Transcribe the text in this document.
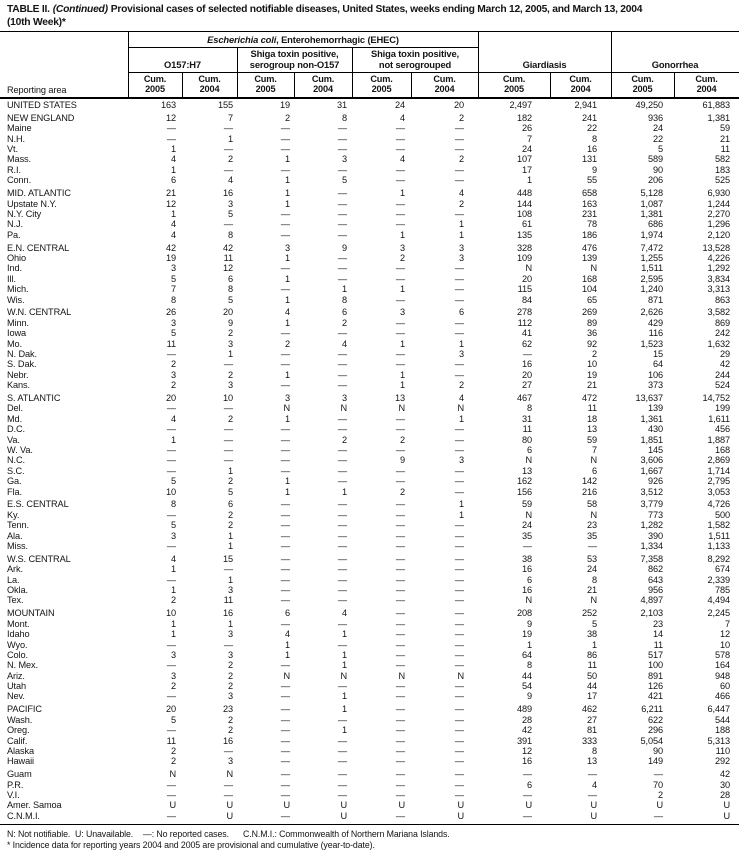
TABLE II. (Continued) Provisional cases of selected notifiable diseases, United States, weeks ending March 12, 2005, and March 13, 2004
(10th Week)*
Escherichia coli, Enterohemorrhagic (EHEC)
O157:H7
Shiga toxin positive,
serogroup non-O157
Shiga toxin positive,
not serogrouped	Giardiasis	Gonorrhea
Cum.
2005
Cum.
2004
Cum.
2005
Cum.
2004
Cum.
2005
Cum.
2004
Cum.
2005
Cum.
2004
Cum.
2005
Cum.
2004
Reporting area
UNITED STATES	163	155	19	31	24	20	2,497	2,941	49,250	61,883
NEW ENGLAND	12	7	2	8	4	2	182	241	936	1,381
Maine	—	—	—	—	—	—	26	22	24	59
N.H.	—	1	—	—	—	—	7	8	22	21
Vt.	1	—	—	—	—	—	24	16	5	11
Mass.	4	2	1	3	4	2	107	131	589	582
R.I.	1	—	—	—	—	—	17	9	90	183
Conn.	6	4	1	5	—	—	1	55	206	525
MID. ATLANTIC	21	16	1	—	1	4	448	658	5,128	6,930
Upstate N.Y.	12	3	1	—	—	2	144	163	1,087	1,244
N.Y. City	1	5	—	—	—	—	108	231	1,381	2,270
N.J.	4	—	—	—	—	1	61	78	686	1,296
Pa.	4	8	—	—	1	1	135	186	1,974	2,120
E.N. CENTRAL	42	42	3	9	3	3	328	476	7,472	13,528
Ohio	19	11	1	—	2	3	109	139	1,255	4,226
Ind.	3	12	—	—	—	—	N	N	1,511	1,292
Ill.	5	6	1	—	—	—	20	168	2,595	3,834
Mich.	7	8	—	1	1	—	115	104	1,240	3,313
Wis.	8	5	1	8	—	—	84	65	871	863
W.N. CENTRAL	26	20	4	6	3	6	278	269	2,626	3,582
Minn.	3	9	1	2	—	—	112	89	429	869
Iowa	5	2	—	—	—	—	41	36	116	242
Mo.	11	3	2	4	1	1	62	92	1,523	1,632
N. Dak.	—	1	—	—	—	3	—	2	15	29
S. Dak.	2	—	—	—	—	—	16	10	64	42
Nebr.	3	2	1	—	1	—	20	19	106	244
Kans.	2	3	—	—	1	2	27	21	373	524
S. ATLANTIC	20	10	3	3	13	4	467	472	13,637	14,752
Del.	—	—	N	N	N	N	8	11	139	199
Md.	4	2	1	—	—	1	31	18	1,361	1,611
D.C.	—	—	—	—	—	—	11	13	430	456
Va.	1	—	—	2	2	—	80	59	1,851	1,887
W. Va.	—	—	—	—	—	—	6	7	145	168
N.C.	—	—	—	—	9	3	N	N	3,606	2,869
S.C.	—	1	—	—	—	—	13	6	1,667	1,714
Ga.	5	2	1	—	—	—	162	142	926	2,795
Fla.	10	5	1	1	2	—	156	216	3,512	3,053
E.S. CENTRAL	8	6	—	—	—	1	59	58	3,779	4,726
Ky.	—	2	—	—	—	1	N	N	773	500
Tenn.	5	2	—	—	—	—	24	23	1,282	1,582
Ala.	3	1	—	—	—	—	35	35	390	1,511
Miss.	—	1	—	—	—	—	—	—	1,334	1,133
W.S. CENTRAL	4	15	—	—	—	—	38	53	7,358	8,292
Ark.	1	—	—	—	—	—	16	24	862	674
La.	—	1	—	—	—	—	6	8	643	2,339
Okla.	1	3	—	—	—	—	16	21	956	785
Tex.	2	11	—	—	—	—	N	N	4,897	4,494
MOUNTAIN	10	16	6	4	—	—	208	252	2,103	2,245
Mont.	1	1	—	—	—	—	9	5	23	7
Idaho	1	3	4	1	—	—	19	38	14	12
Wyo.	—	—	1	—	—	—	1	1	11	10
Colo.	3	3	1	1	—	—	64	86	517	578
N. Mex.	—	2	—	1	—	—	8	11	100	164
Ariz.	3	2	N	N	N	N	44	50	891	948
Utah	2	2	—	—	—	—	54	44	126	60
Nev.	—	3	—	1	—	—	9	17	421	466
PACIFIC	20	23	—	1	—	—	489	462	6,211	6,447
Wash.	5	2	—	—	—	—	28	27	622	544
Oreg.	—	2	—	1	—	—	42	81	296	188
Calif.	11	16	—	—	—	—	391	333	5,054	5,313
Alaska	2	—	—	—	—	—	12	8	90	110
Hawaii	2	3	—	—	—	—	16	13	149	292
Guam	N	N	—	—	—	—	—	—	—	42
P.R.	—	—	—	—	—	—	6	4	70	30
V.I.	—	—	—	—	—	—	—	—	2	28
Amer. Samoa	U	U	U	U	U	U	U	U	U	U
C.N.M.I.	—	U	—	U	—	U	—	U	—	U
N: Not notifiable. U: Unavailable. —: No reported cases. C.N.M.I.: Commonwealth of Northern Mariana Islands.
* Incidence data for reporting years 2004 and 2005 are provisional and cumulative (year-to-date).
